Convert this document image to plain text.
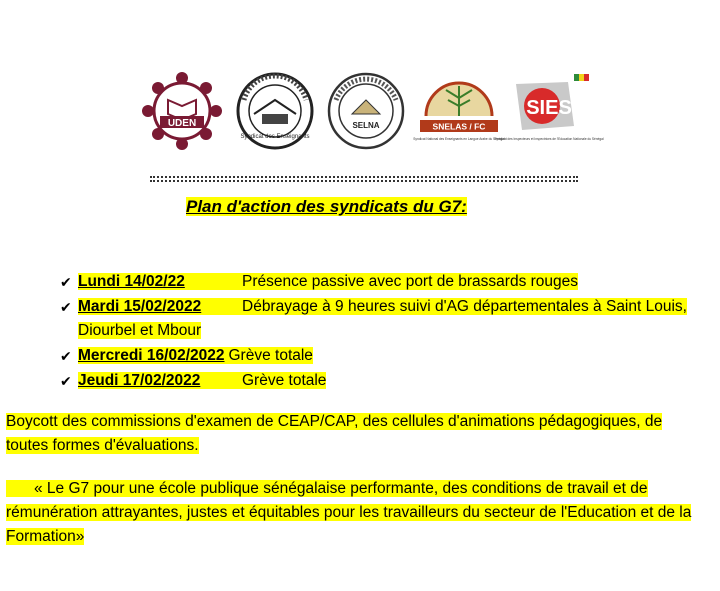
UDEN
Syndicat des Enseignants
SELNA	SNELAS / FC
Syndicat National des Enseignants en Langue Arabe du Sénégal
SIES
Syndicat des Inspecteurs et Inspectrices de l'Education Nationale du Sénégal
Plan d'action des syndicats du G7:
✔ Lundi 14/02/22	Présence passive avec port de brassards rouges
✔ Mardi 15/02/2022	Débrayage à 9 heures suivi d'AG départementales à Saint Louis, Diourbel et Mbour
✔ Mercredi 16/02/2022 Grève totale
✔ Jeudi 17/02/2022	Grève totale
Boycott des commissions d'examen de CEAP/CAP, des cellules d'animations pédagogiques, de toutes formes d'évaluations.
« Le G7 pour une école publique sénégalaise performante, des conditions de travail et de rémunération attrayantes, justes et équitables pour les travailleurs du secteur de l'Education et de la Formation»
